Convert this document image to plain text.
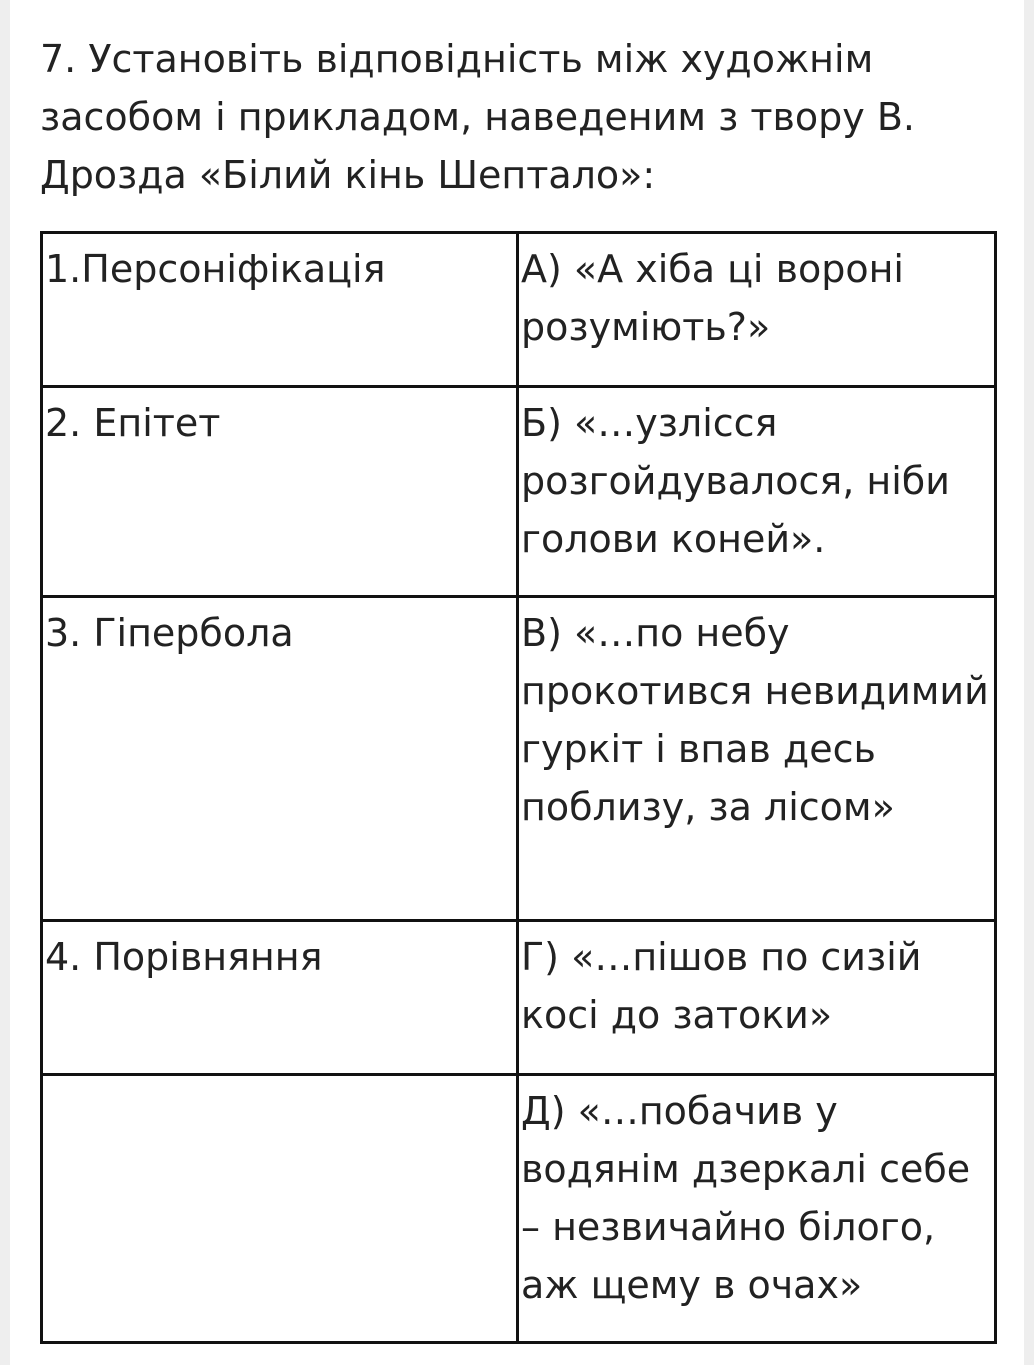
7. Установіть відповідність між художнім засобом і прикладом, наведеним з твору В. Дрозда «Білий кінь Шептало»:

1.Персоніфікація	А) «А хіба ці вороні розуміють?»
2. Епітет	Б) «…узлісся розгойдувалося, ніби голови коней».
3. Гіпербола	В) «…по небу прокотився невидимий гуркіт і впав десь поблизу, за лісом»
4. Порівняння	Г) «…пішов по сизій косі до затоки»
	Д) «…побачив у водянім дзеркалі себе – незвичайно білого, аж щему в очах»
